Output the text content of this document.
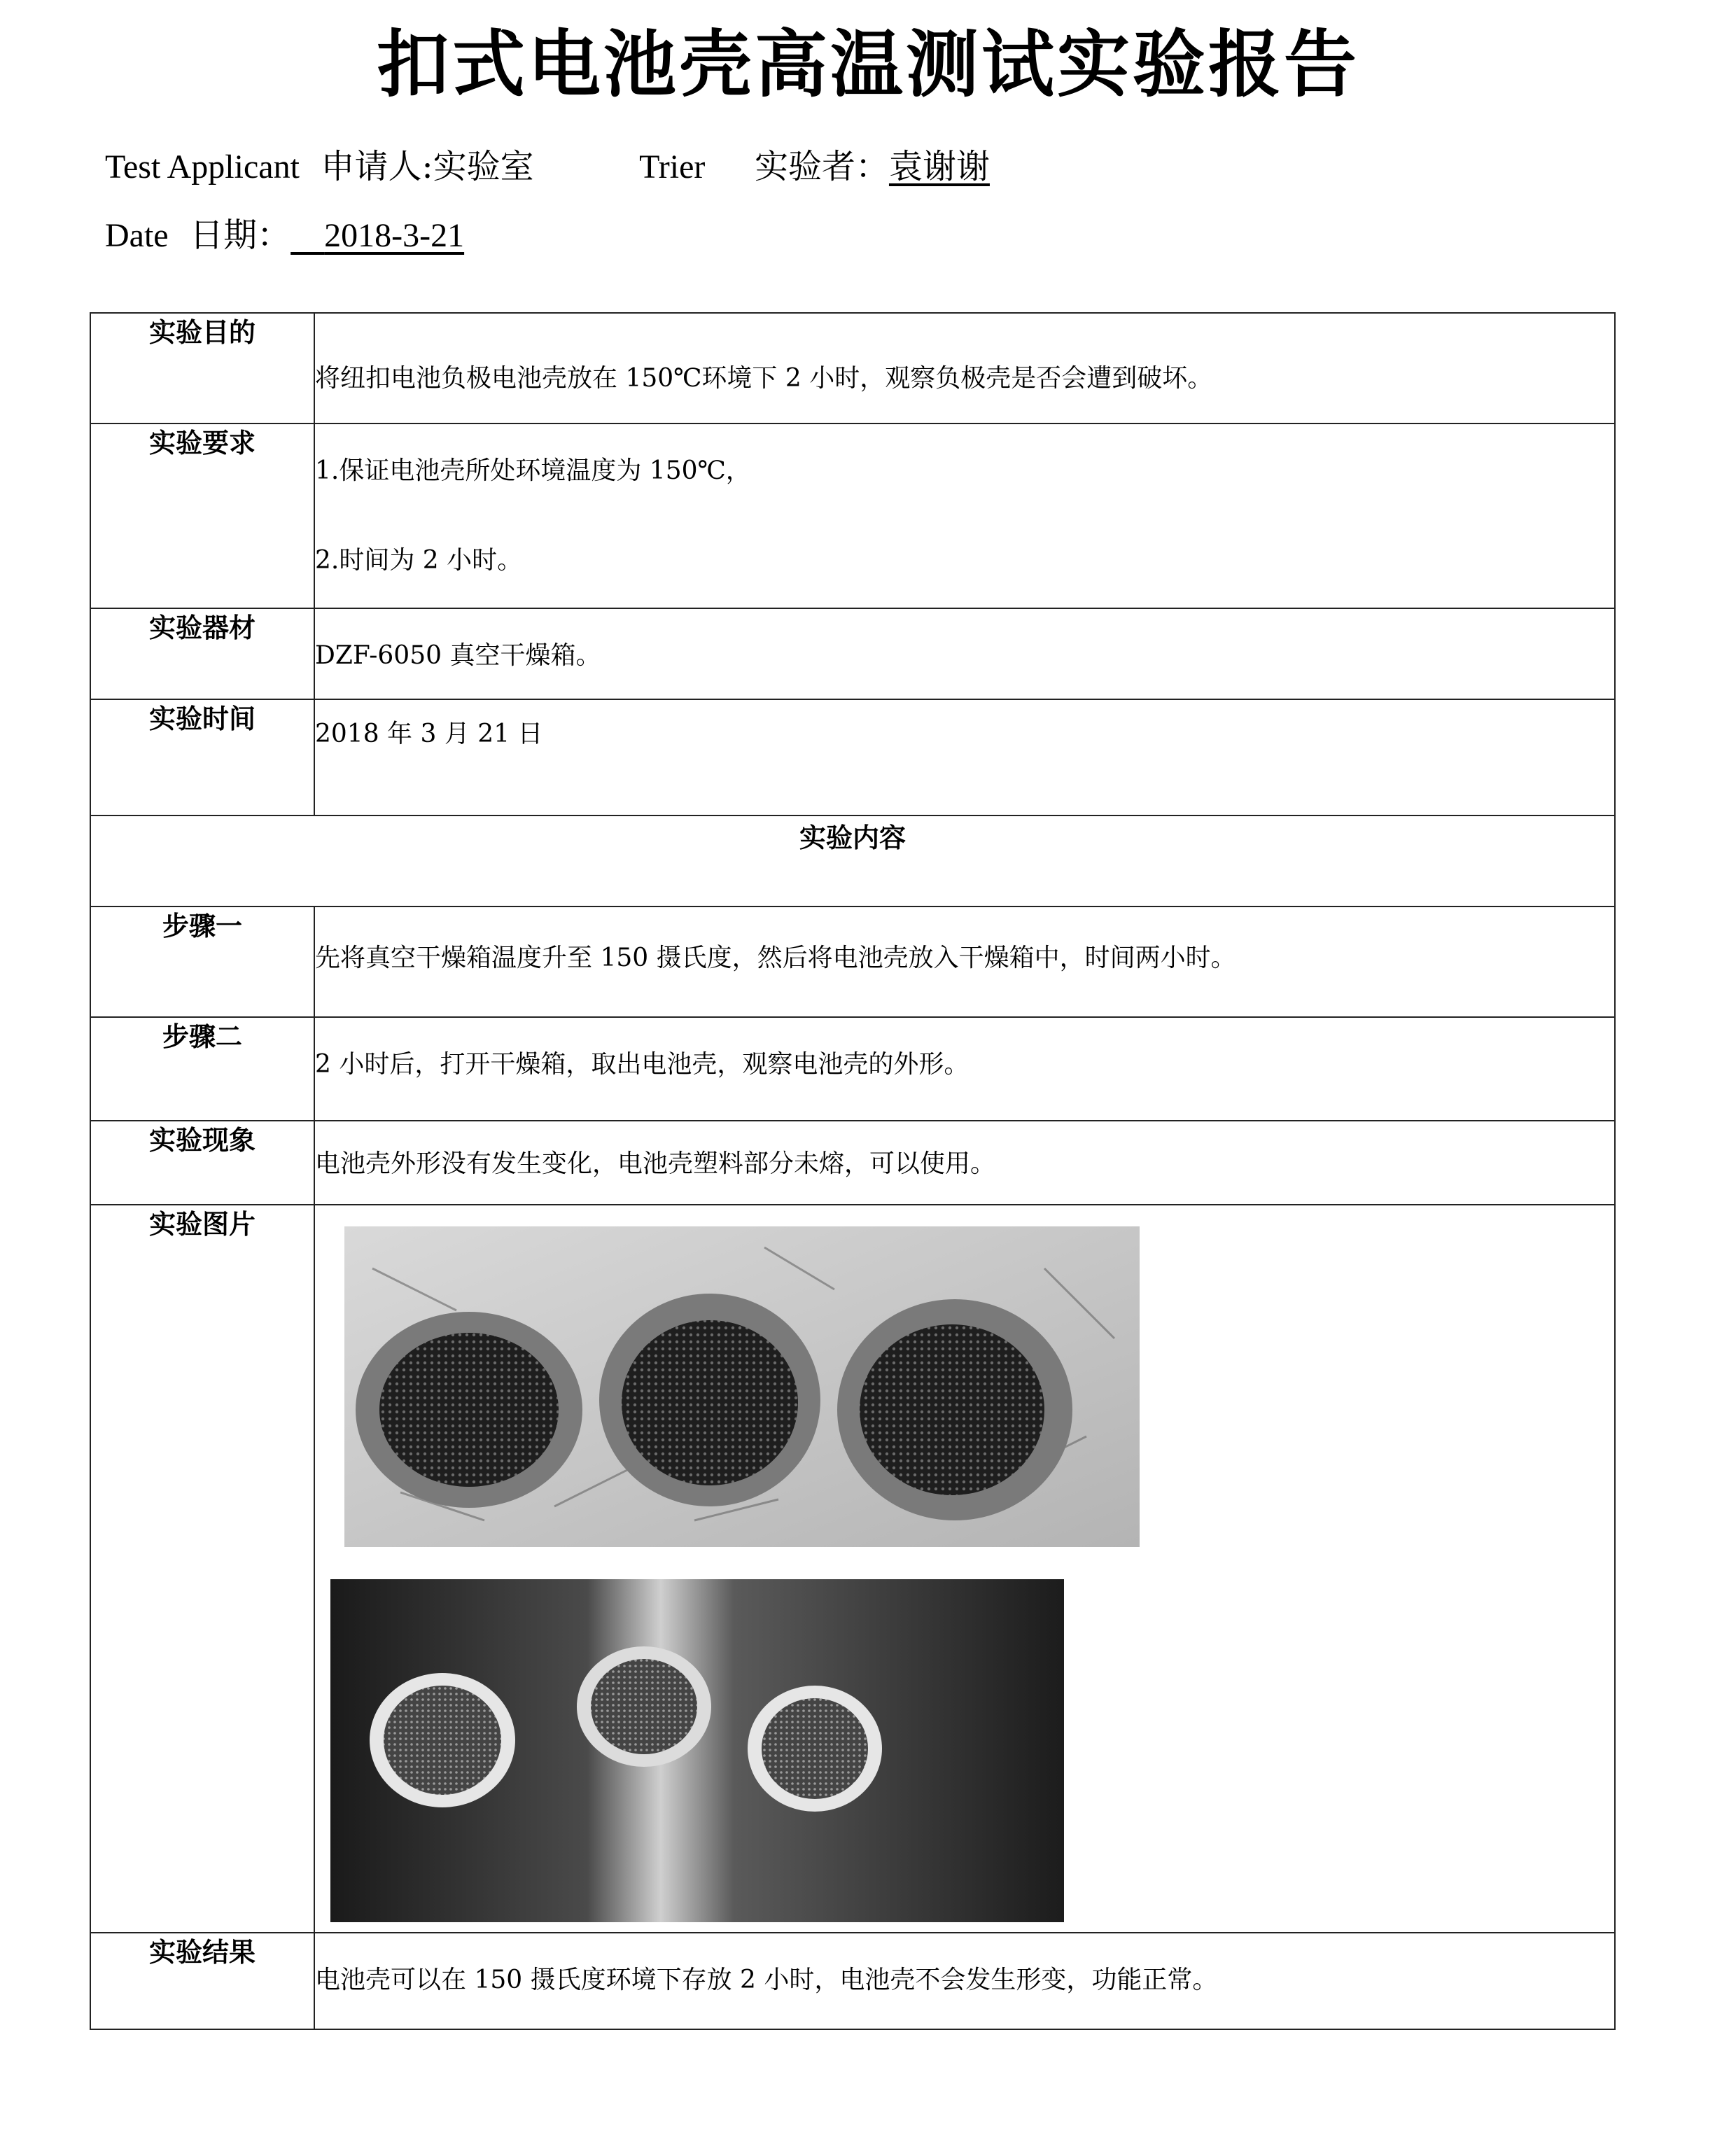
扣式电池壳高温测试实验报告
Test Applicant 申请人:实验室	Trier 实验者：袁谢谢
Date 日期： 2018-3-21
实验目的	将纽扣电池负极电池壳放在 150℃环境下 2 小时，观察负极壳是否会遭到破坏。

实验要求	1.保证电池壳所处环境温度为 150℃，

2.时间为 2 小时。

实验器材	DZF-6050 真空干燥箱。

实验时间	2018 年 3 月 21 日

实验内容	
步骤一	先将真空干燥箱温度升至 150 摄氏度，然后将电池壳放入干燥箱中，时间两小时。

步骤二	2 小时后，打开干燥箱，取出电池壳，观察电池壳的外形。

实验现象	电池壳外形没有发生变化，电池壳塑料部分未熔，可以使用。

实验图片	

实验结果	电池壳可以在 150 摄氏度环境下存放 2 小时，电池壳不会发生形变，功能正常。
